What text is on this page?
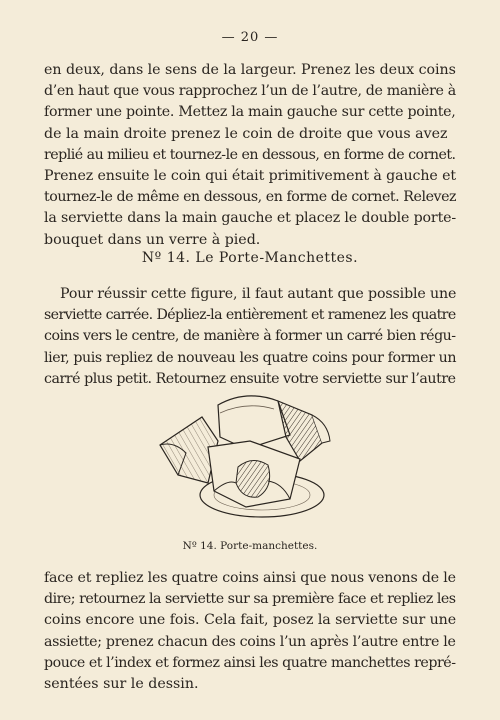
— 20 —
en deux, dans le sens de la largeur. Prenez les deux coins
d’en haut que vous rapprochez l’un de l’autre, de manière à
former une pointe. Mettez la main gauche sur cette pointe,
de la main droite prenez le coin de droite que vous avez
replié au milieu et tournez-le en dessous, en forme de cornet.
Prenez ensuite le coin qui était primitivement à gauche et
tournez-le de même en dessous, en forme de cornet. Relevez
la serviette dans la main gauche et placez le double porte-
bouquet dans un verre à pied.
Nº 14. Le Porte-Manchettes.
Pour réussir cette figure, il faut autant que possible une
serviette carrée. Dépliez-la entièrement et ramenez les quatre
coins vers le centre, de manière à former un carré bien régu-
lier, puis repliez de nouveau les quatre coins pour former un
carré plus petit. Retournez ensuite votre serviette sur l’autre
Nº 14. Porte-manchettes.
face et repliez les quatre coins ainsi que nous venons de le
dire; retournez la serviette sur sa première face et repliez les
coins encore une fois. Cela fait, posez la serviette sur une
assiette; prenez chacun des coins l’un après l’autre entre le
pouce et l’index et formez ainsi les quatre manchettes repré-
sentées sur le dessin.
